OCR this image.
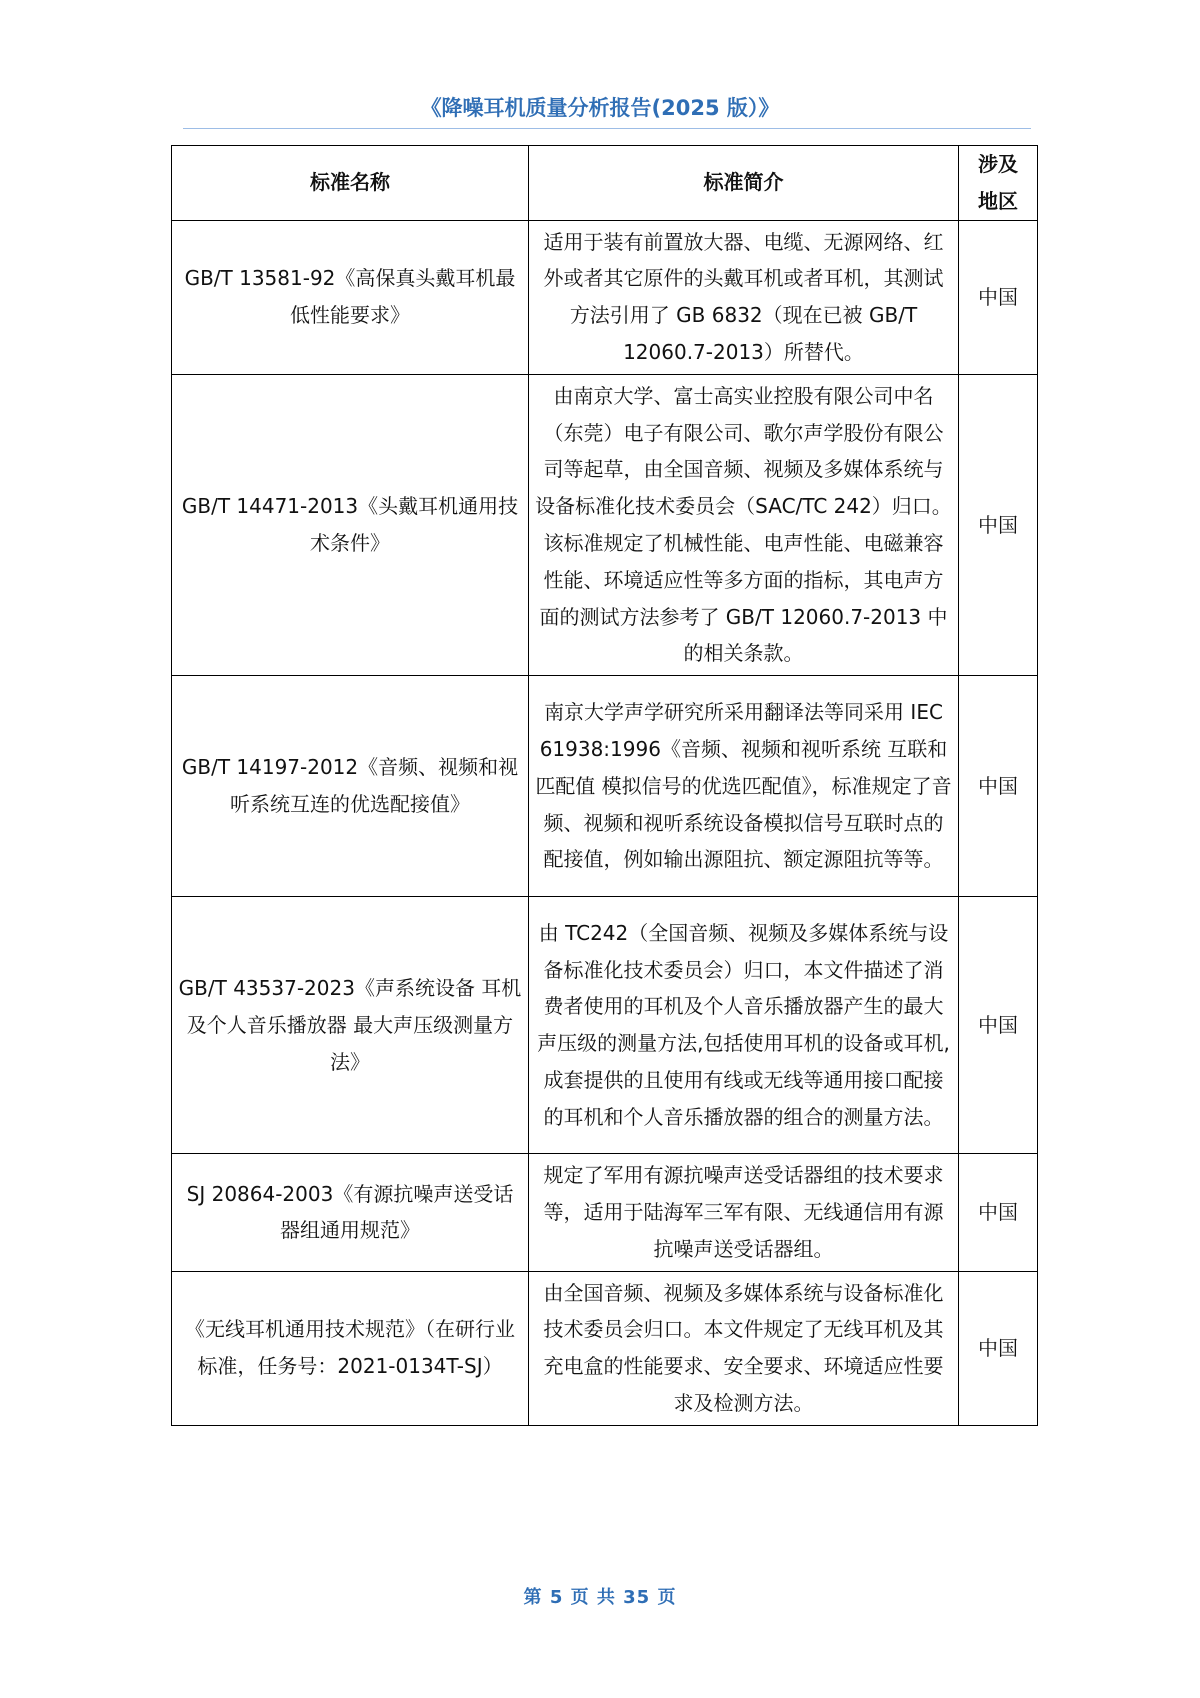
《降噪耳机质量分析报告(2025 版）》
标准名称	标准简介	涉及地区
GB/T 13581-92《高保真头戴耳机最低性能要求》	适用于装有前置放大器、电缆、无源网络、红外或者其它原件的头戴耳机或者耳机，其测试方法引用了 GB 6832（现在已被 GB/T 12060.7-2013）所替代。	中国
GB/T 14471-2013《头戴耳机通用技术条件》	由南京大学、富士高实业控股有限公司中名（东莞）电子有限公司、歌尔声学股份有限公司等起草，由全国音频、视频及多媒体系统与设备标准化技术委员会（SAC/TC 242）归口。该标准规定了机械性能、电声性能、电磁兼容性能、环境适应性等多方面的指标，其电声方面的测试方法参考了 GB/T 12060.7-2013 中的相关条款。	中国
GB/T 14197-2012《音频、视频和视听系统互连的优选配接值》	南京大学声学研究所采用翻译法等同采用 IEC 61938:1996《音频、视频和视听系统 互联和匹配值 模拟信号的优选匹配值》，标准规定了音频、视频和视听系统设备模拟信号互联时点的配接值，例如输出源阻抗、额定源阻抗等等。	中国
GB/T 43537-2023《声系统设备 耳机及个人音乐播放器 最大声压级测量方法》	由 TC242（全国音频、视频及多媒体系统与设备标准化技术委员会）归口，本文件描述了消费者使用的耳机及个人音乐播放器产生的最大声压级的测量方法,包括使用耳机的设备或耳机,成套提供的且使用有线或无线等通用接口配接的耳机和个人音乐播放器的组合的测量方法。	中国
SJ 20864-2003《有源抗噪声送受话器组通用规范》	规定了军用有源抗噪声送受话器组的技术要求等，适用于陆海军三军有限、无线通信用有源抗噪声送受话器组。	中国
《无线耳机通用技术规范》（在研行业标准，任务号：2021-0134T-SJ）	由全国音频、视频及多媒体系统与设备标准化技术委员会归口。本文件规定了无线耳机及其充电盒的性能要求、安全要求、环境适应性要求及检测方法。	中国
第 5 页 共 35 页
